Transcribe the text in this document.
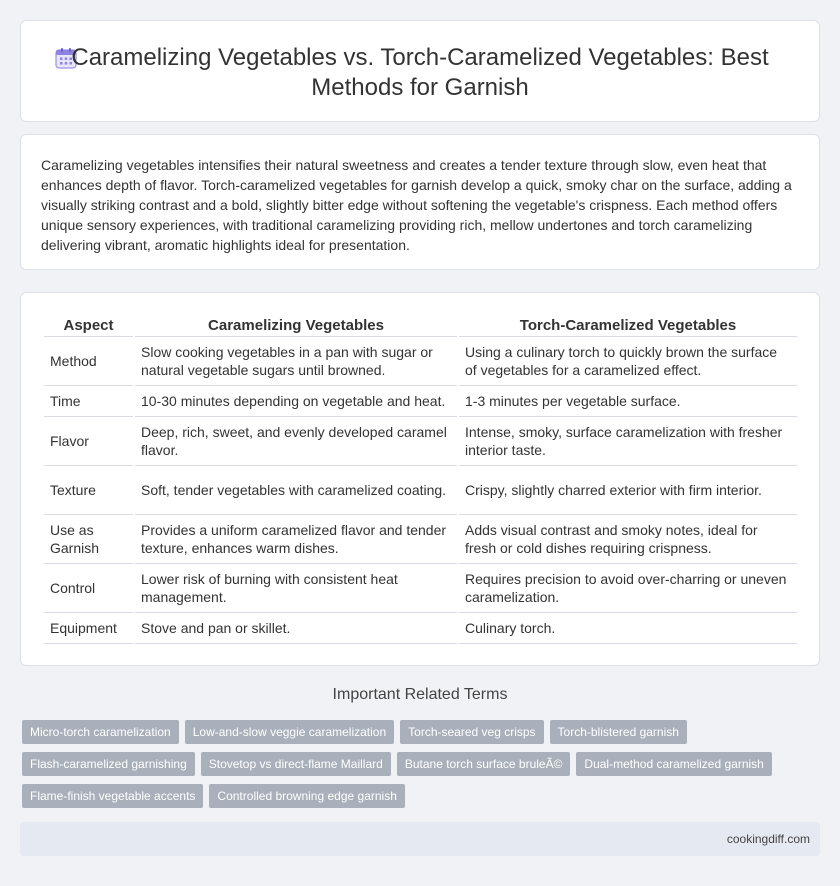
Caramelizing Vegetables vs. Torch-Caramelized Vegetables: Best Methods for Garnish

Caramelizing vegetables intensifies their natural sweetness and creates a tender texture through slow, even heat that enhances depth of flavor. Torch-caramelized vegetables for garnish develop a quick, smoky char on the surface, adding a visually striking contrast and a bold, slightly bitter edge without softening the vegetable's crispness. Each method offers unique sensory experiences, with traditional caramelizing providing rich, mellow undertones and torch caramelizing delivering vibrant, aromatic highlights ideal for presentation.

Aspect	Caramelizing Vegetables	Torch-Caramelized Vegetables
Method	Slow cooking vegetables in a pan with sugar or natural vegetable sugars until browned.	Using a culinary torch to quickly brown the surface of vegetables for a caramelized effect.
Time	10-30 minutes depending on vegetable and heat.	1-3 minutes per vegetable surface.
Flavor	Deep, rich, sweet, and evenly developed caramel flavor.	Intense, smoky, surface caramelization with fresher interior taste.
Texture	Soft, tender vegetables with caramelized coating.	Crispy, slightly charred exterior with firm interior.
Use as Garnish	Provides a uniform caramelized flavor and tender texture, enhances warm dishes.	Adds visual contrast and smoky notes, ideal for fresh or cold dishes requiring crispness.
Control	Lower risk of burning with consistent heat management.	Requires precision to avoid over-charring or uneven caramelization.
Equipment	Stove and pan or skillet.	Culinary torch.
Important Related Terms
Micro-torch caramelization	Low-and-slow veggie caramelization	Torch-seared veg crisps	Torch-blistered garnish
Flash-caramelized garnishing	Stovetop vs direct-flame Maillard	Butane torch surface bruleÃ©	Dual-method caramelized garnish
Flame-finish vegetable accents	Controlled browning edge garnish
cookingdiff.com
